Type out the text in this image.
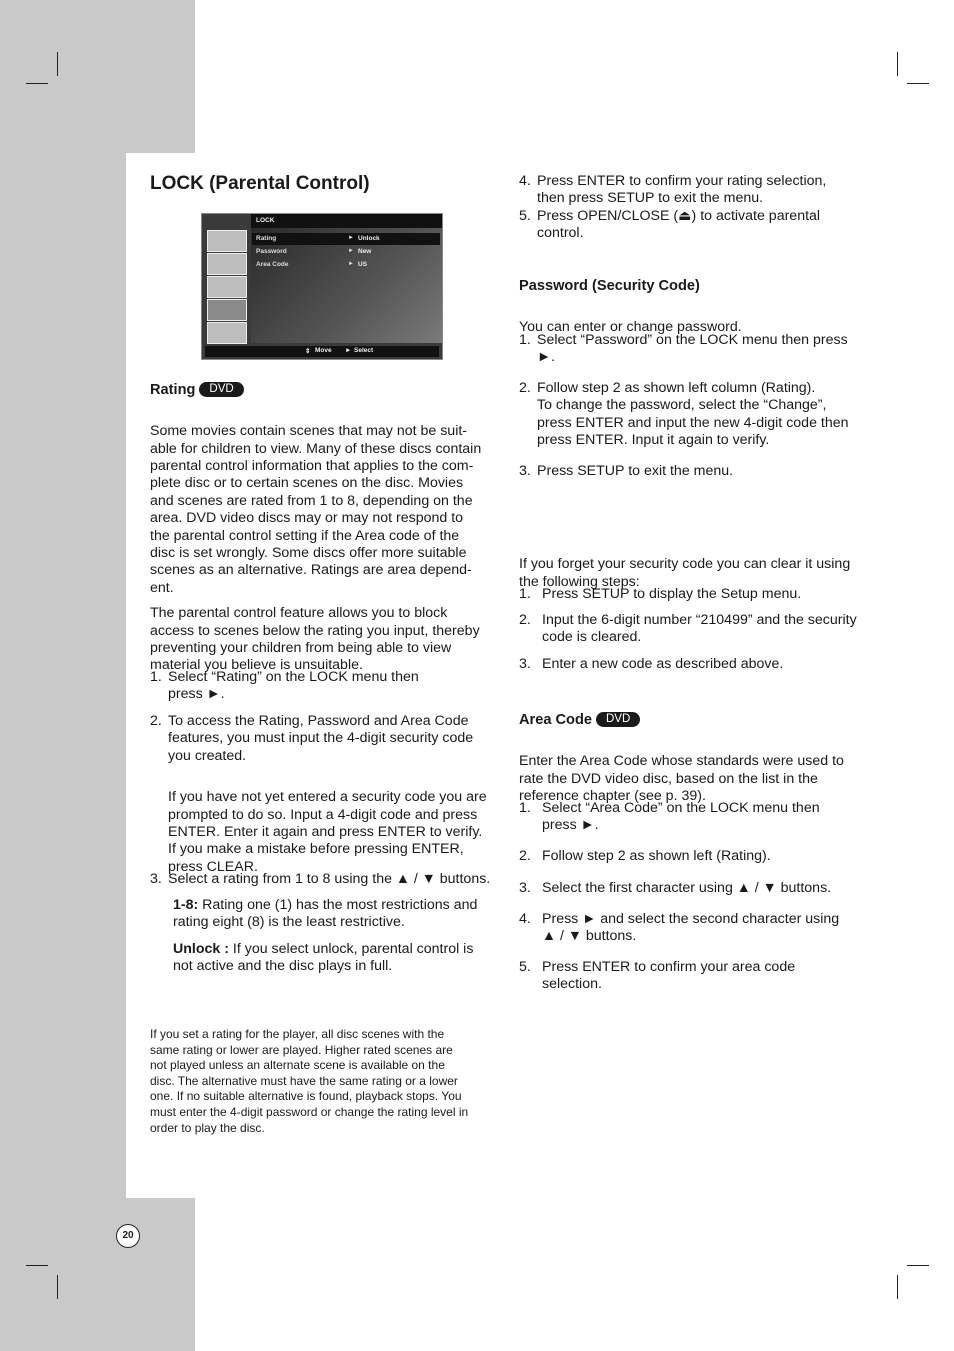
LOCK (Parental Control)
LOCK
Rating	► Unlock
Password	► New
Area Code	► US
⇕ Move ► Select
Rating DVD

Some movies contain scenes that may not be suit-
able for children to view. Many of these discs contain
parental control information that applies to the com-
plete disc or to certain scenes on the disc. Movies
and scenes are rated from 1 to 8, depending on the
area. DVD video discs may or may not respond to
the parental control setting if the Area code of the
disc is set wrongly. Some discs offer more suitable
scenes as an alternative. Ratings are area depend-
ent.

The parental control feature allows you to block
access to scenes below the rating you input, thereby
preventing your children from being able to view
material you believe is unsuitable.

1. Select “Rating” on the LOCK menu then
press ►.

2. To access the Rating, Password and Area Code
features, you must input the 4-digit security code
you created.

If you have not yet entered a security code you are
prompted to do so. Input a 4-digit code and press
ENTER. Enter it again and press ENTER to verify.
If you make a mistake before pressing ENTER,
press CLEAR.

3. Select a rating from 1 to 8 using the ▲ / ▼ buttons.

1-8: Rating one (1) has the most restrictions and
rating eight (8) is the least restrictive.
Unlock : If you select unlock, parental control is
not active and the disc plays in full.

If you set a rating for the player, all disc scenes with the
same rating or lower are played. Higher rated scenes are
not played unless an alternate scene is available on the
disc. The alternative must have the same rating or a lower
one. If no suitable alternative is found, playback stops. You
must enter the 4-digit password or change the rating level in
order to play the disc.

4. Press ENTER to confirm your rating selection,
then press SETUP to exit the menu.

5. Press OPEN/CLOSE (⏏) to activate parental
control.

Password (Security Code)

You can enter or change password.

1. Select “Password” on the LOCK menu then press
►.

2. Follow step 2 as shown left column (Rating).
To change the password, select the “Change”,
press ENTER and input the new 4-digit code then
press ENTER. Input it again to verify.

3. Press SETUP to exit the menu.

If you forget your security code you can clear it using
the following steps:

1. Press SETUP to display the Setup menu.

2. Input the 6-digit number “210499” and the security
code is cleared.

3. Enter a new code as described above.

Area Code DVD

Enter the Area Code whose standards were used to
rate the DVD video disc, based on the list in the
reference chapter (see p. 39).

1. Select “Area Code” on the LOCK menu then
press ►.

2. Follow step 2 as shown left (Rating).

3. Select the first character using ▲ / ▼ buttons.

4. Press ► and select the second character using
▲ / ▼ buttons.

5. Press ENTER to confirm your area code
selection.

20
